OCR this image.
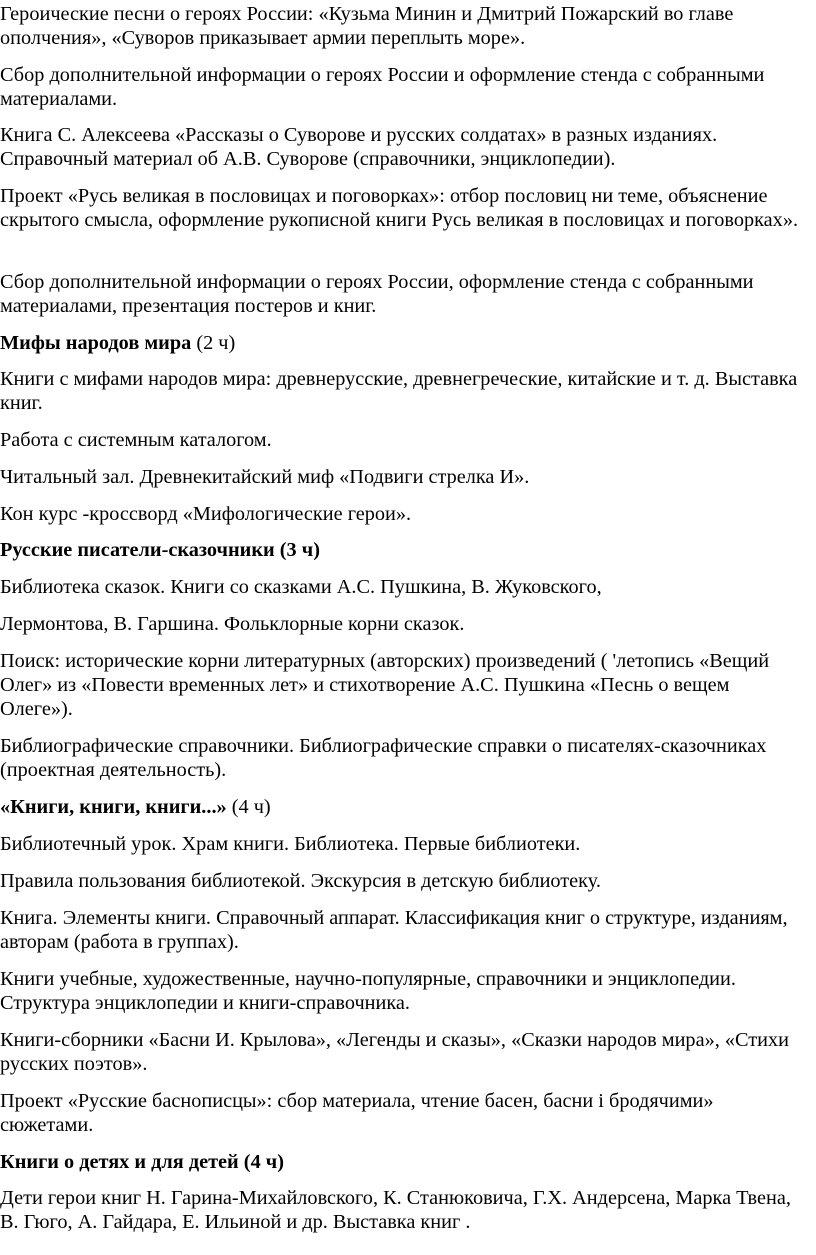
Героические песни о героях России: «Кузьма Минин и Дмитрий Пожарский во главе ополчения», «Суворов приказывает армии переплыть море».

Сбор дополнительной информации о героях России и оформление стенда с собранными материалами.

Книга С. Алексеева «Рассказы о Суворове и русских солдатах» в разных изданиях. Справочный материал об А.В. Суворове (справочники, энциклопедии).

Проект «Русь великая в пословицах и поговорках»: отбор пословиц ни теме, объяснение скрытого смысла, оформление рукописной книги Русь великая в пословицах и поговорках».

Сбор дополнительной информации о героях России, оформление стенда с собранными материалами, презентация постеров и книг.

Мифы народов мира (2 ч)

Книги с мифами народов мира: древнерусские, древнегреческие, китайские и т. д. Выставка книг.

Работа с системным каталогом.

Читальный зал. Древнекитайский миф «Подвиги стрелка И».

Кон курс -кроссворд «Мифологические герои».

Русские писатели-сказочники (3 ч)

Библиотека сказок. Книги со сказками А.С. Пушкина, В. Жуковского,

Лермонтова, В. Гаршина. Фольклорные корни сказок.

Поиск: исторические корни литературных (авторских) произведений ( 'летопись «Вещий Олег» из «Повести временных лет» и стихотворение А.С. Пушкина «Песнь о вещем Олеге»).

Библиографические справочники. Библиографические справки о писателях-сказочниках (проектная деятельность).

«Книги, книги, книги...» (4 ч)

Библиотечный урок. Храм книги. Библиотека. Первые библиотеки.

Правила пользования библиотекой. Экскурсия в детскую библиотеку.

Книга. Элементы книги. Справочный аппарат. Классификация книг о структуре, изданиям, авторам (работа в группах).

Книги учебные, художественные, научно-популярные, справочники и энциклопедии. Структура энциклопедии и книги-справочника.

Книги-сборники «Басни И. Крылова», «Легенды и сказы», «Сказки народов мира», «Стихи русских поэтов».

Проект «Русские баснописцы»: сбор материала, чтение басен, басни і бродячими» сюжетами.

Книги о детях и для детей (4 ч)

Дети герои книг Н. Гарина-Михайловского, К. Станюковича, Г.Х. Андерсена, Марка Твена, В. Гюго, А. Гайдара, Е. Ильиной и др. Выставка книг .
